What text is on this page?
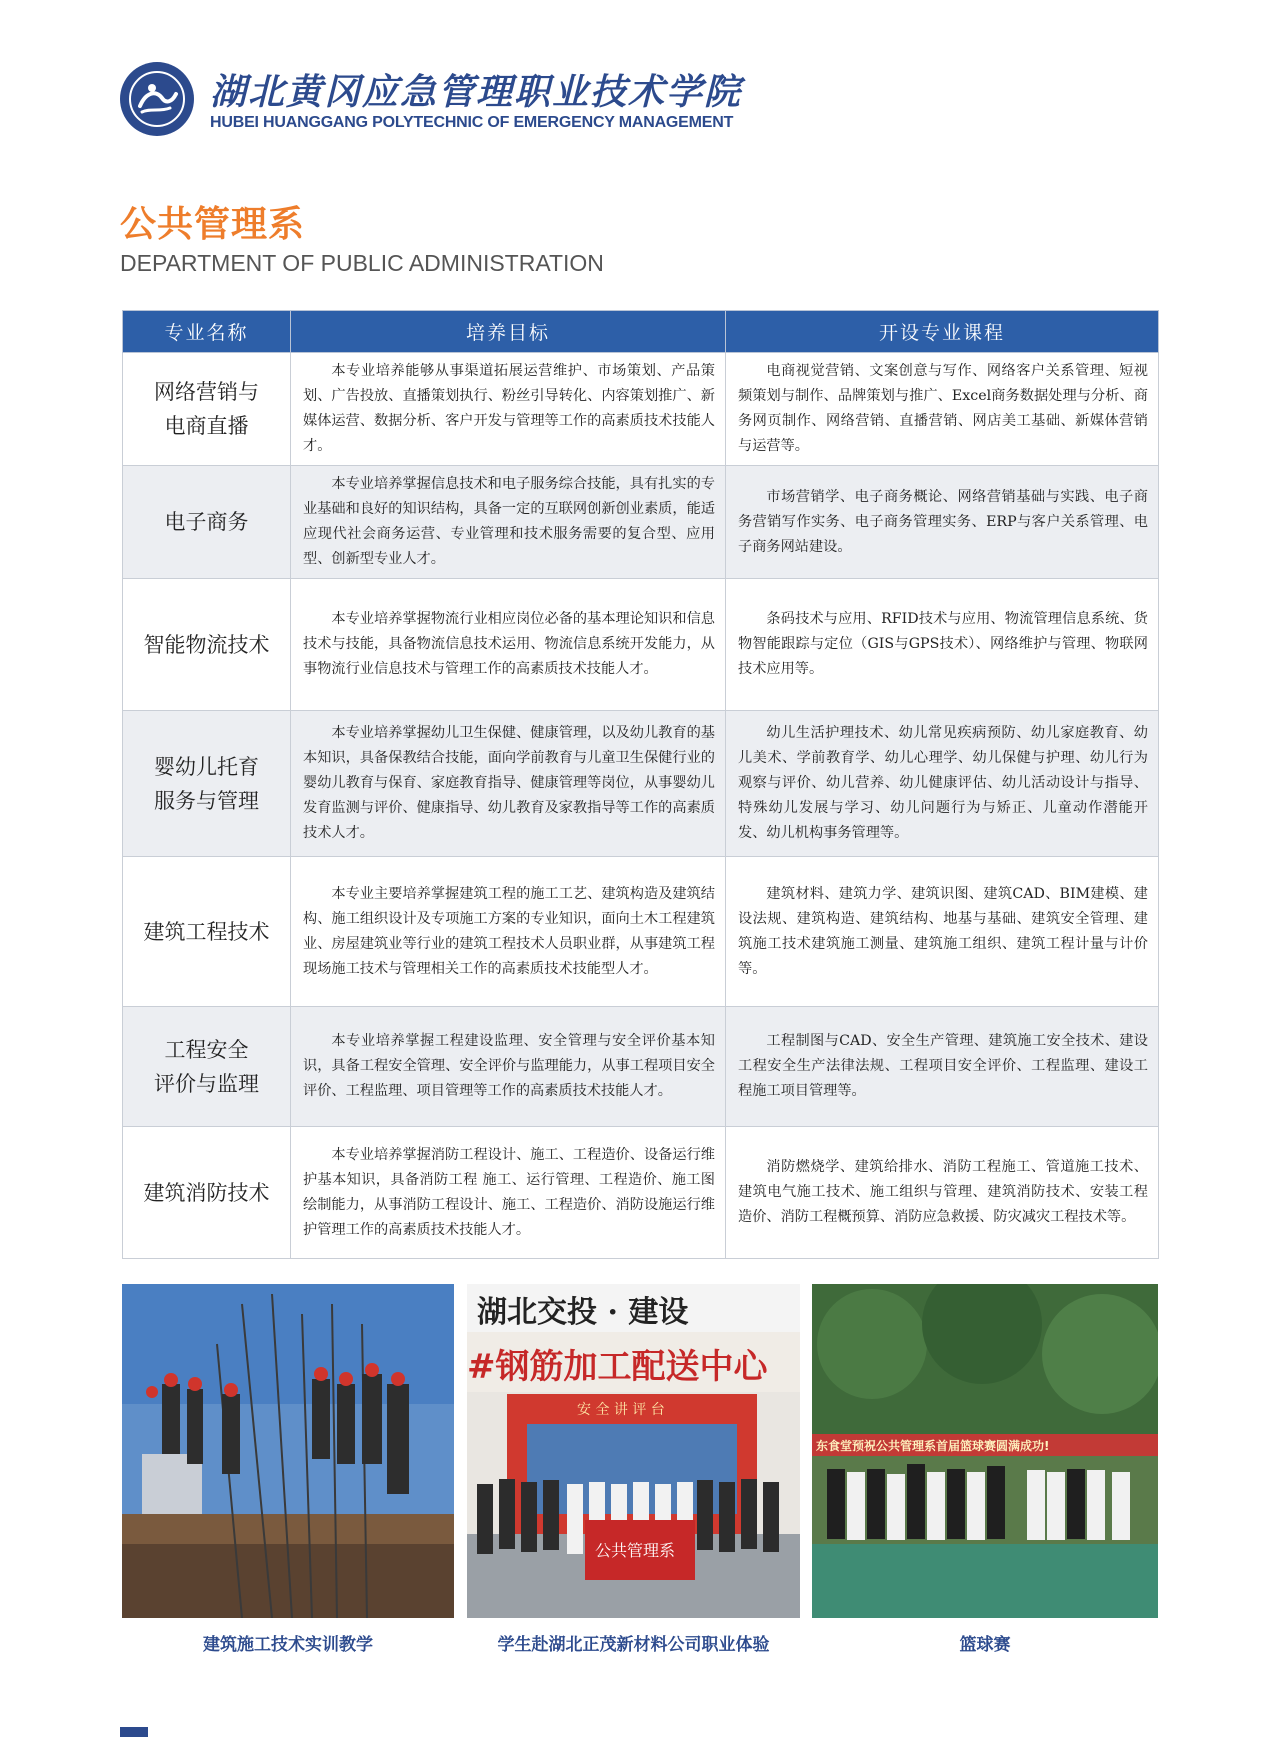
湖北黄冈应急管理职业技术学院
HUBEI HUANGGANG POLYTECHNIC OF EMERGENCY MANAGEMENT
公共管理系
DEPARTMENT OF PUBLIC ADMINISTRATION
专业名称	培养目标	开设专业课程
网络营销与
电商直播	本专业培养能够从事渠道拓展运营维护、市场策划、产品策划、广告投放、直播策划执行、粉丝引导转化、内容策划推广、新媒体运营、数据分析、客户开发与管理等工作的高素质技术技能人才。	电商视觉营销、文案创意与写作、网络客户关系管理、短视频策划与制作、品牌策划与推广、Excel商务数据处理与分析、商务网页制作、网络营销、直播营销、网店美工基础、新媒体营销与运营等。

电子商务	本专业培养掌握信息技术和电子服务综合技能，具有扎实的专业基础和良好的知识结构，具备一定的互联网创新创业素质，能适应现代社会商务运营、专业管理和技术服务需要的复合型、应用型、创新型专业人才。	市场营销学、电子商务概论、网络营销基础与实践、电子商务营销写作实务、电子商务管理实务、ERP与客户关系管理、电子商务网站建设。

智能物流技术	本专业培养掌握物流行业相应岗位必备的基本理论知识和信息技术与技能，具备物流信息技术运用、物流信息系统开发能力，从事物流行业信息技术与管理工作的高素质技术技能人才。	条码技术与应用、RFID技术与应用、物流管理信息系统、货物智能跟踪与定位（GIS与GPS技术）、网络维护与管理、物联网技术应用等。

婴幼儿托育
服务与管理	本专业培养掌握幼儿卫生保健、健康管理，以及幼儿教育的基本知识，具备保教结合技能，面向学前教育与儿童卫生保健行业的婴幼儿教育与保育、家庭教育指导、健康管理等岗位，从事婴幼儿发育监测与评价、健康指导、幼儿教育及家教指导等工作的高素质技术人才。	幼儿生活护理技术、幼儿常见疾病预防、幼儿家庭教育、幼儿美术、学前教育学、幼儿心理学、幼儿保健与护理、幼儿行为观察与评价、幼儿营养、幼儿健康评估、幼儿活动设计与指导、特殊幼儿发展与学习、幼儿问题行为与矫正、儿童动作潜能开发、幼儿机构事务管理等。

建筑工程技术	本专业主要培养掌握建筑工程的施工工艺、建筑构造及建筑结构、施工组织设计及专项施工方案的专业知识，面向土木工程建筑业、房屋建筑业等行业的建筑工程技术人员职业群，从事建筑工程现场施工技术与管理相关工作的高素质技术技能型人才。	建筑材料、建筑力学、建筑识图、建筑CAD、BIM建模、建设法规、建筑构造、建筑结构、地基与基础、建筑安全管理、建筑施工技术建筑施工测量、建筑施工组织、建筑工程计量与计价等。

工程安全
评价与监理	本专业培养掌握工程建设监理、安全管理与安全评价基本知识，具备工程安全管理、安全评价与监理能力，从事工程项目安全评价、工程监理、项目管理等工作的高素质技术技能人才。	工程制图与CAD、安全生产管理、建筑施工安全技术、建设工程安全生产法律法规、工程项目安全评价、工程监理、建设工程施工项目管理等。

建筑消防技术	本专业培养掌握消防工程设计、施工、工程造价、设备运行维护基本知识，具备消防工程 施工、运行管理、工程造价、施工图绘制能力，从事消防工程设计、施工、工程造价、消防设施运行维护管理工作的高素质技术技能人才。	消防燃烧学、建筑给排水、消防工程施工、管道施工技术、建筑电气施工技术、施工组织与管理、建筑消防技术、安装工程造价、消防工程概预算、消防应急救援、防灾减灾工程技术等。

湖北交投 · 建设
#钢筋加工配送中心
安 全 讲 评 台
公共管理系
东食堂预祝公共管理系首届篮球赛圆满成功!
建筑施工技术实训教学	学生赴湖北正茂新材料公司职业体验	篮球赛
